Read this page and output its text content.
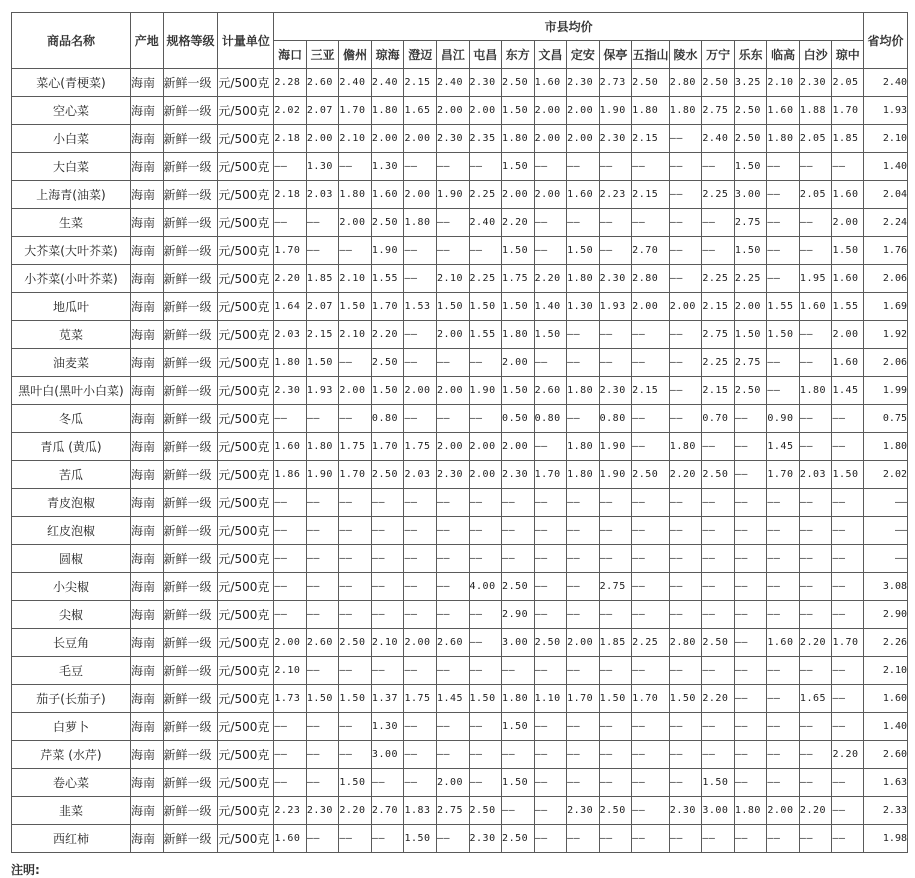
商品名称	产地	规格等级	计量单位	市县均价																		省均价
				海口	三亚	儋州	琼海	澄迈	昌江	屯昌	东方	文昌	定安	保亭	五指山	陵水	万宁	乐东	临高	白沙	琼中	
菜心(青梗菜)	海南	新鲜一级	元/500克	2.28	2.60	2.40	2.40	2.15	2.40	2.30	2.50	1.60	2.30	2.73	2.50	2.80	2.50	3.25	2.10	2.30	2.05	2.40
空心菜	海南	新鲜一级	元/500克	2.02	2.07	1.70	1.80	1.65	2.00	2.00	1.50	2.00	2.00	1.90	1.80	1.80	2.75	2.50	1.60	1.88	1.70	1.93
小白菜	海南	新鲜一级	元/500克	2.18	2.00	2.10	2.00	2.00	2.30	2.35	1.80	2.00	2.00	2.30	2.15	——	2.40	2.50	1.80	2.05	1.85	2.10
大白菜	海南	新鲜一级	元/500克	——	1.30	——	1.30	——	——	——	1.50	——	——	——	——	——	——	1.50	——	——	——	1.40
上海青(油菜)	海南	新鲜一级	元/500克	2.18	2.03	1.80	1.60	2.00	1.90	2.25	2.00	2.00	1.60	2.23	2.15	——	2.25	3.00	——	2.05	1.60	2.04
生菜	海南	新鲜一级	元/500克	——	——	2.00	2.50	1.80	——	2.40	2.20	——	——	——	——	——	——	2.75	——	——	2.00	2.24
大芥菜(大叶芥菜)	海南	新鲜一级	元/500克	1.70	——	——	1.90	——	——	——	1.50	——	1.50	——	2.70	——	——	1.50	——	——	1.50	1.76
小芥菜(小叶芥菜)	海南	新鲜一级	元/500克	2.20	1.85	2.10	1.55	——	2.10	2.25	1.75	2.20	1.80	2.30	2.80	——	2.25	2.25	——	1.95	1.60	2.06
地瓜叶	海南	新鲜一级	元/500克	1.64	2.07	1.50	1.70	1.53	1.50	1.50	1.50	1.40	1.30	1.93	2.00	2.00	2.15	2.00	1.55	1.60	1.55	1.69
苋菜	海南	新鲜一级	元/500克	2.03	2.15	2.10	2.20	——	2.00	1.55	1.80	1.50	——	——	——	——	2.75	1.50	1.50	——	2.00	1.92
油麦菜	海南	新鲜一级	元/500克	1.80	1.50	——	2.50	——	——	——	2.00	——	——	——	——	——	2.25	2.75	——	——	1.60	2.06
黑叶白(黑叶小白菜)	海南	新鲜一级	元/500克	2.30	1.93	2.00	1.50	2.00	2.00	1.90	1.50	2.60	1.80	2.30	2.15	——	2.15	2.50	——	1.80	1.45	1.99
冬瓜	海南	新鲜一级	元/500克	——	——	——	0.80	——	——	——	0.50	0.80	——	0.80	——	——	0.70	——	0.90	——	——	0.75
青瓜 (黄瓜)	海南	新鲜一级	元/500克	1.60	1.80	1.75	1.70	1.75	2.00	2.00	2.00	——	1.80	1.90	——	1.80	——	——	1.45	——	——	1.80
苦瓜	海南	新鲜一级	元/500克	1.86	1.90	1.70	2.50	2.03	2.30	2.00	2.30	1.70	1.80	1.90	2.50	2.20	2.50	——	1.70	2.03	1.50	2.02
青皮泡椒	海南	新鲜一级	元/500克	——	——	——	——	——	——	——	——	——	——	——	——	——	——	——	——	——	——	——
红皮泡椒	海南	新鲜一级	元/500克	——	——	——	——	——	——	——	——	——	——	——	——	——	——	——	——	——	——	——
圆椒	海南	新鲜一级	元/500克	——	——	——	——	——	——	——	——	——	——	——	——	——	——	——	——	——	——	——
小尖椒	海南	新鲜一级	元/500克	——	——	——	——	——	——	4.00	2.50	——	——	2.75	——	——	——	——	——	——	——	3.08
尖椒	海南	新鲜一级	元/500克	——	——	——	——	——	——	——	2.90	——	——	——	——	——	——	——	——	——	——	2.90
长豆角	海南	新鲜一级	元/500克	2.00	2.60	2.50	2.10	2.00	2.60	——	3.00	2.50	2.00	1.85	2.25	2.80	2.50	——	1.60	2.20	1.70	2.26
毛豆	海南	新鲜一级	元/500克	2.10	——	——	——	——	——	——	——	——	——	——	——	——	——	——	——	——	——	2.10
茄子(长茄子)	海南	新鲜一级	元/500克	1.73	1.50	1.50	1.37	1.75	1.45	1.50	1.80	1.10	1.70	1.50	1.70	1.50	2.20	——	——	1.65	——	1.60
白萝卜	海南	新鲜一级	元/500克	——	——	——	1.30	——	——	——	1.50	——	——	——	——	——	——	——	——	——	——	1.40
芹菜 (水芹)	海南	新鲜一级	元/500克	——	——	——	3.00	——	——	——	——	——	——	——	——	——	——	——	——	——	2.20	2.60
卷心菜	海南	新鲜一级	元/500克	——	——	1.50	——	——	2.00	——	1.50	——	——	——	——	——	1.50	——	——	——	——	1.63
韭菜	海南	新鲜一级	元/500克	2.23	2.30	2.20	2.70	1.83	2.75	2.50	——	——	2.30	2.50	——	2.30	3.00	1.80	2.00	2.20	——	2.33
西红柿	海南	新鲜一级	元/500克	1.60	——	——	——	1.50	——	2.30	2.50	——	——	——	——	——	——	——	——	——	——	1.98
注明:
